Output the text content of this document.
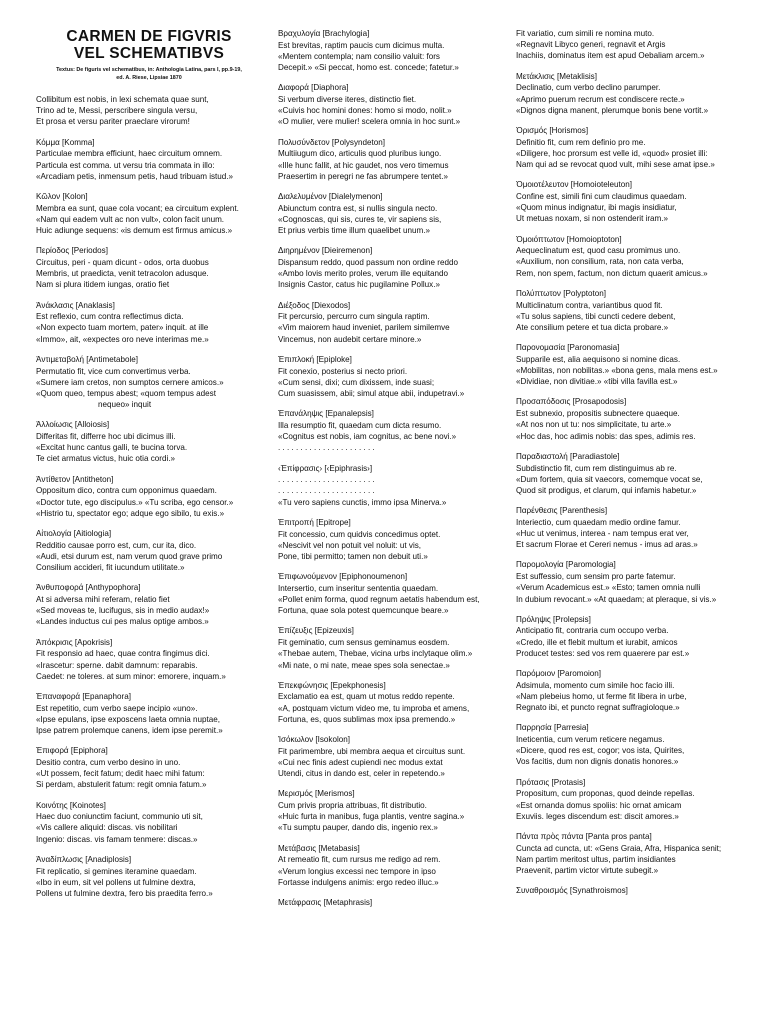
CARMEN DE FIGVRIS
VEL SCHEMATIBVS
Textus: De figuris vel schematibus, in: Anthologia Latina, pars I, pp.9-19,
ed. A. Riese, Lipsiae 1870
Collibitum est nobis, in lexi schemata quae sunt,
Trino ad te, Messi, perscribere singula versu,
Et prosa et versu pariter praeclare virorum!
Κόμμα [Komma]
Particulae membra efficiunt, haec circuitum omnem.
Particula est comma. ut versu tria commata in illo:
«Arcadiam petis, inmensum petis, haud tribuam istud.»
Κῶλον [Kolon]
Membra ea sunt, quae cola vocant; ea circuitum explent.
«Nam qui eadem vult ac non vult», colon facit unum.
Huic adiunge sequens: «is demum est firmus amicus.»
Περίοδος [Periodos]
Circuitus, peri - quam dicunt - odos, orta duobus
Membris, ut praedicta, venit tetracolon adusque.
Nam si plura itidem iungas, oratio fiet
Ἀνάκλασις [Anaklasis]
Est reflexio, cum contra reflectimus dicta.
«Non expecto tuam mortem, pater» inquit. at ille
«Immo», ait, «expectes oro neve interimas me.»
Ἀντιμεταβολή [Antimetabole]
Permutatio fit, vice cum convertimus verba.
«Sumere iam cretos, non sumptos cernere amicos.»
«Quom queo, tempus abest; «quom tempus adest
nequeo» inquit
Ἀλλοίωσις [Alloiosis]
Differitas fit, differre hoc ubi dicimus illi.
«Excitat hunc cantus galli, te bucina torva.
Te ciet armatus victus, huic otia cordi.»
Ἀντίθετον [Antitheton]
Oppositum dico, contra cum opponimus quaedam.
«Doctor tute, ego discipulus.» «Tu scriba, ego censor.»
«Histrio tu, spectator ego; adque ego sibilo, tu exis.»
Αἰτιολογία [Aitiologia]
Redditio causae porro est, cum, cur ita, dico.
«Audi, etsi durum est, nam verum quod grave primo
Consilium accideri, fit iucundum utilitate.»
Ἀνθυποφορά [Anthypophora]
At si adversa mihi referam, relatio fiet
«Sed moveas te, lucifugus, sis in medio audax!»
«Landes inductus cui pes malus optige ambos.»
Ἀπόκρισις [Apokrisis]
Fit responsio ad haec, quae contra fingimus dici.
«Irascetur: sperne. dabit damnum: reparabis.
Caedet: ne toleres. at sum minor: emorere, inquam.»
Ἐπαναφορά [Epanaphora]
Est repetitio, cum verbo saepe incipio «uno».
«Ipse epulans, ipse exposcens laeta omnia nuptae,
Ipse patrem prolemque canens, idem ipse peremit.»
Ἐπιφορά [Epiphora]
Desitio contra, cum verbo desino in uno.
«Ut possem, fecit fatum; dedit haec mihi fatum:
Si perdam, abstulerit fatum: regit omnia fatum.»
Κοινότης [Koinotes]
Haec duo coniunctim faciunt, communio uti sit,
«Vis callere aliquid: discas. vis nobilitari
Ingenio: discas. vis famam tenmere: discas.»
Ἀναδίπλωσις [Anadiplosis]
Fit replicatio, si gemines iteramine quaedam.
«Ibo in eum, sit vel pollens ut fulmine dextra,
Pollens ut fulmine dextra, fero bis praedita ferro.»
Βραχυλογία [Brachylogia]
Est brevitas, raptim paucis cum dicimus multa.
«Mentem contempla; nam consilio valuit: fors
Decepit.» «Si peccat, homo est. concede; fatetur.»
Διαφορά [Diaphora]
Si verbum diverse iteres, distinctio fiet.
«Cuivis hoc homini dones: homo si modo, nolit.»
«O mulier, vere mulier! scelera omnia in hoc sunt.»
Πολυσύνδετον [Polysyndeton]
Multiiugum dico, articulis quod pluribus iungo.
«Ille hunc fallit, at hic gaudet, nos vero timemus
Praesertim in peregri ne fas abrumpere tentet.»
Διαλελυμένον [Dialelymenon]
Abiunctum contra est, si nullis singula necto.
«Cognoscas, qui sis, cures te, vir sapiens sis,
Et prius verbis time illum quaelibet unum.»
Διηρημένον [Dieiremenon]
Dispansum reddo, quod passum non ordine reddo
«Ambo lovis merito proles, verum ille equitando
Insignis Castor, catus hic pugilamine Pollux.»
Διέξοδος [Diexodos]
Fit percursio, percurro cum singula raptim.
«Vim maiorem haud inveniet, parilem similemve
Vincemus, non audebit certare minore.»
Ἐπιπλοκή [Epiploke]
Fit conexio, posterius si necto priori.
«Cum sensi, dixi; cum dixissem, inde suasi;
Cum suasissem, abii; simul atque abii, indupetravi.»
Ἐπανάληψις [Epanalepsis]
Illa resumptio fit, quaedam cum dicta resumo.
«Cognitus est nobis, iam cognitus, ac bene novi.»
. . . . . . . . . . . . . . . . . . . . . .
‹Ἐπίφρασις› [‹Epiphrasis›]
. . . . . . . . . . . . . . . . . . . . . .
. . . . . . . . . . . . . . . . . . . . . .
«Tu vero sapiens cunctis, immo ipsa Minerva.»
Ἐπιτροπή [Epitrope]
Fit concessio, cum quidvis concedimus optet.
«Nescivit vel non potuit vel noluit: ut vis,
Pone, tibi permitto; tamen non debuit uti.»
Ἐπιφωνούμενον [Epiphonoumenon]
Intersertio, cum inseritur sententia quaedam.
«Pollet enim forma, quod regnum aetatis habendum est,
Fortuna, quae sola potest quemcunque beare.»
Ἐπίζευξις [Epizeuxis]
Fit geminatio, cum sensus geminamus eosdem.
«Thebae autem, Thebae, vicina urbs inclytaque olim.»
«Mi nate, o mi nate, meae spes sola senectae.»
Ἐπεκφώνησις [Epekphonesis]
Exclamatio ea est, quam ut motus reddo repente.
«A, postquam victum video me, tu improba et amens,
Fortuna, es, quos sublimas mox ipsa premendo.»
Ἰσόκωλον [Isokolon]
Fit parimembre, ubi membra aequa et circuitus sunt.
«Cui nec finis adest cupiendi nec modus extat
Utendi, citus in dando est, celer in repetendo.»
Μερισμός [Merismos]
Cum privis propria attribuas, fit distributio.
«Huic furta in manibus, fuga plantis, ventre sagina.»
«Tu sumptu pauper, dando dis, ingenio rex.»
Μετάβασις [Metabasis]
At remeatio fit, cum rursus me redigo ad rem.
«Verum longius excessi nec tempore in ipso
Fortasse indulgens animis: ergo redeo illuc.»
Μετάφρασις [Metaphrasis]
Fit variatio, cum simili re nomina muto.
«Regnavit Libyco generi, regnavit et Argis
Inachiis, dominatus item est apud Oebaliam arcem.»
Μετάκλισις [Metaklisis]
Declinatio, cum verbo declino parumper.
«Aprimo puerum recrum est condiscere recte.»
«Dignos digna manent, plerumque bonis bene vortit.»
Ὁρισμός [Horismos]
Definitio fit, cum rem definio pro me.
«Diligere, hoc prorsum est velle id, «quod» prosiet illi:
Nam qui ad se revocat quod vult, mihi sese amat ipse.»
Ὁμοιοτέλευτον [Homoioteleuton]
Confine est, simili fini cum claudimus quaedam.
«Quom minus indignatur, ibi magis insidiatur,
Ut metuas noxam, si non ostenderit iram.»
Ὁμοιόπτωτον [Homoioptoton]
Aequeclinatum est, quod casu promimus uno.
«Auxilium, non consilium, rata, non cata verba,
Rem, non spem, factum, non dictum quaerit amicus.»
Πολύπτωτον [Polyptoton]
Multiclinatum contra, variantibus quod fit.
«Tu solus sapiens, tibi cuncti cedere debent,
Ate consilium petere et tua dicta probare.»
Παρονομασία [Paronomasia]
Supparile est, alia aequisono si nomine dicas.
«Mobilitas, non nobilitas.» «bona gens, mala mens est.»
«Dividiae, non divitiae.» «tibi villa favilla est.»
Προσαπόδοσις [Prosapodosis]
Est subnexio, propositis subnectere quaeque.
«At nos non ut tu: nos simplicitate, tu arte.»
«Hoc das, hoc adimis nobis: das spes, adimis res.
Παραδιαστολή [Paradiastole]
Subdistinctio fit, cum rem distinguimus ab re.
«Dum fortem, quia sit vaecors, comemque vocat se,
Quod sit prodigus, et clarum, qui infamis habetur.»
Παρένθεσις [Parenthesis]
Interiectio, cum quaedam medio ordine famur.
«Huc ut venimus, interea - nam tempus erat ver,
Et sacrum Florae et Cereri nemus - imus ad aras.»
Παρομολογία [Paromologia]
Est suffessio, cum sensim pro parte fatemur.
«Verum Academicus est.» «Esto; tamen omnia nulli
In dubium revocant.» «At quaedam; at pleraque, si vis.»
Πρόληψις [Prolepsis]
Anticipatio fit, contraria cum occupo verba.
«Credo, ille et flebit multum et iurabit, amicos
Producet testes: sed vos rem quaerere par est.»
Παρόμοιον [Paromoion]
Adsimula, momento cum simile hoc facio illi.
«Nam plebeius homo, ut ferme fit libera in urbe,
Regnato ibi, et puncto regnat suffragioloque.»
Παρρησία [Parresia]
Ineticentia, cum verum reticere negamus.
«Dicere, quod res est, cogor; vos ista, Quirites,
Vos facitis, dum non dignis donatis honores.»
Πρότασις [Protasis]
Propositum, cum proponas, quod deinde repellas.
«Est ornanda domus spoliis: hic ornat amicam
Exuviis. leges discendum est: discit amores.»
Πάντα πρὸς πάντα [Panta pros panta]
Cuncta ad cuncta, ut: «Gens Graia, Afra, Hispanica senit;
Nam partim meritost ultus, partim insidiantes
Praevenit, partim victor virtute subegit.»
Συναθροισμός [Synathroismos]
